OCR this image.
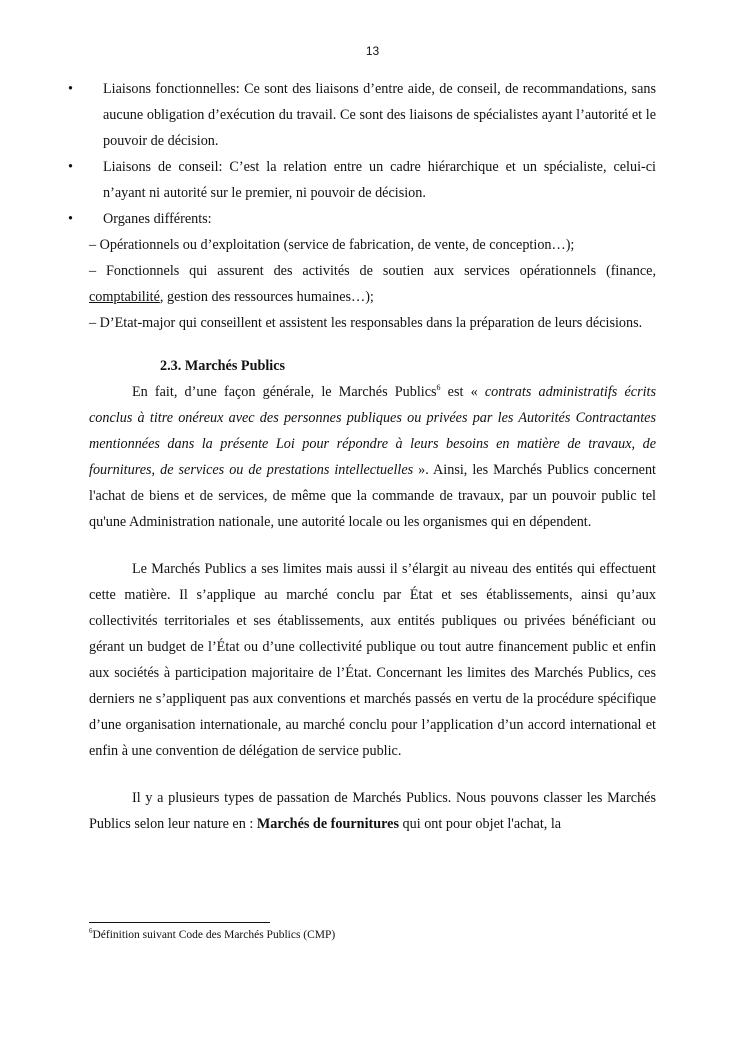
13

• Liaisons fonctionnelles: Ce sont des liaisons d’entre aide, de conseil, de recommandations, sans aucune obligation d’exécution du travail. Ce sont des liaisons de spécialistes ayant l’autorité et le pouvoir de décision.

• Liaisons de conseil: C’est la relation entre un cadre hiérarchique et un spécialiste, celui-ci n’ayant ni autorité sur le premier, ni pouvoir de décision.

• Organes différents:

– Opérationnels ou d’exploitation (service de fabrication, de vente, de conception…);

– Fonctionnels qui assurent des activités de soutien aux services opérationnels (finance, comptabilité, gestion des ressources humaines…);

– D’Etat-major qui conseillent et assistent les responsables dans la préparation de leurs décisions.

2.3. Marchés Publics

En fait, d’une façon générale, le Marchés Publics$^6$ est « contrats administratifs écrits conclus à titre onéreux avec des personnes publiques ou privées par les Autorités Contractantes mentionnées dans la présente Loi pour répondre à leurs besoins en matière de travaux, de fournitures, de services ou de prestations intellectuelles ». Ainsi, les Marchés Publics concernent l'achat de biens et de services, de même que la commande de travaux, par un pouvoir public tel qu'une Administration nationale, une autorité locale ou les organismes qui en dépendent.

Le Marchés Publics a ses limites mais aussi il s’élargit au niveau des entités qui effectuent cette matière. Il s’applique au marché conclu par État et ses établissements, ainsi qu’aux collectivités territoriales et ses établissements, aux entités publiques ou privées bénéficiant ou gérant un budget de l’État ou d’une collectivité publique ou tout autre financement public et enfin aux sociétés à participation majoritaire de l’État. Concernant les limites des Marchés Publics, ces derniers ne s’appliquent pas aux conventions et marchés passés en vertu de la procédure spécifique d’une organisation internationale, au marché conclu pour l’application d’un accord international et enfin à une convention de délégation de service public.

Il y a plusieurs types de passation de Marchés Publics. Nous pouvons classer les Marchés Publics selon leur nature en : Marchés de fournitures qui ont pour objet l'achat, la

$^6$Définition suivant Code des Marchés Publics (CMP)
